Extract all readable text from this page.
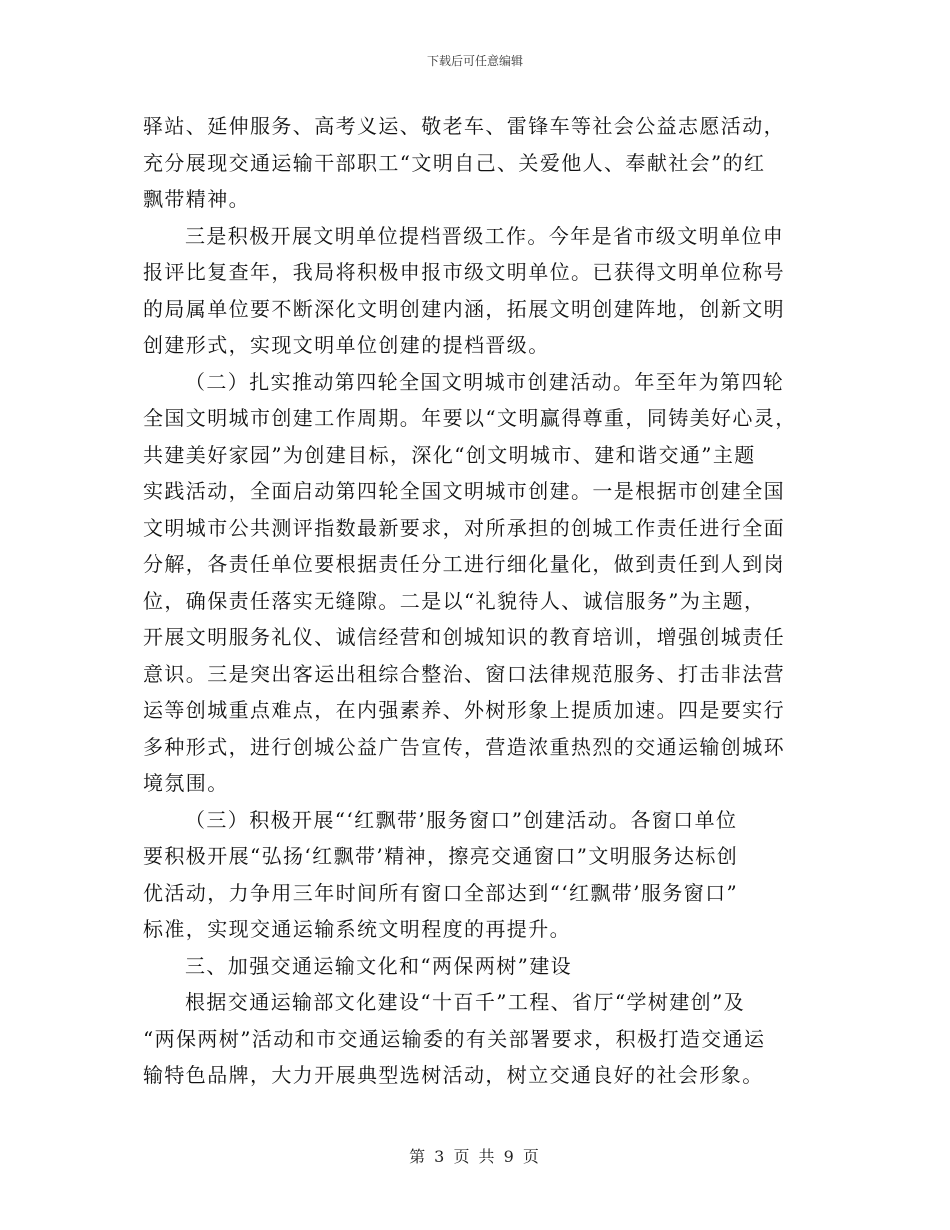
下载后可任意编辑
驿站、延伸服务、高考义运、敬老车、雷锋车等社会公益志愿活动，
充分展现交通运输干部职工“文明自己、关爱他人、奉献社会”的红
飘带精神。
三是积极开展文明单位提档晋级工作。今年是省市级文明单位申
报评比复查年，我局将积极申报市级文明单位。已获得文明单位称号
的局属单位要不断深化文明创建内涵，拓展文明创建阵地，创新文明
创建形式，实现文明单位创建的提档晋级。
（二）扎实推动第四轮全国文明城市创建活动。年至年为第四轮
全国文明城市创建工作周期。年要以“文明赢得尊重，同铸美好心灵，
共建美好家园”为创建目标，深化“创文明城市、建和谐交通”主题
实践活动，全面启动第四轮全国文明城市创建。一是根据市创建全国
文明城市公共测评指数最新要求，对所承担的创城工作责任进行全面
分解，各责任单位要根据责任分工进行细化量化，做到责任到人到岗
位，确保责任落实无缝隙。二是以“礼貌待人、诚信服务”为主题，
开展文明服务礼仪、诚信经营和创城知识的教育培训，增强创城责任
意识。三是突出客运出租综合整治、窗口法律规范服务、打击非法营
运等创城重点难点，在内强素养、外树形象上提质加速。四是要实行
多种形式，进行创城公益广告宣传，营造浓重热烈的交通运输创城环
境氛围。
（三）积极开展“‘红飘带’服务窗口”创建活动。各窗口单位
要积极开展“弘扬‘红飘带’精神，擦亮交通窗口”文明服务达标创
优活动，力争用三年时间所有窗口全部达到“‘红飘带’服务窗口”
标准，实现交通运输系统文明程度的再提升。
三、加强交通运输文化和“两保两树”建设
根据交通运输部文化建设“十百千”工程、省厅“学树建创”及
“两保两树”活动和市交通运输委的有关部署要求，积极打造交通运
输特色品牌，大力开展典型选树活动，树立交通良好的社会形象。
第 3 页 共 9 页
